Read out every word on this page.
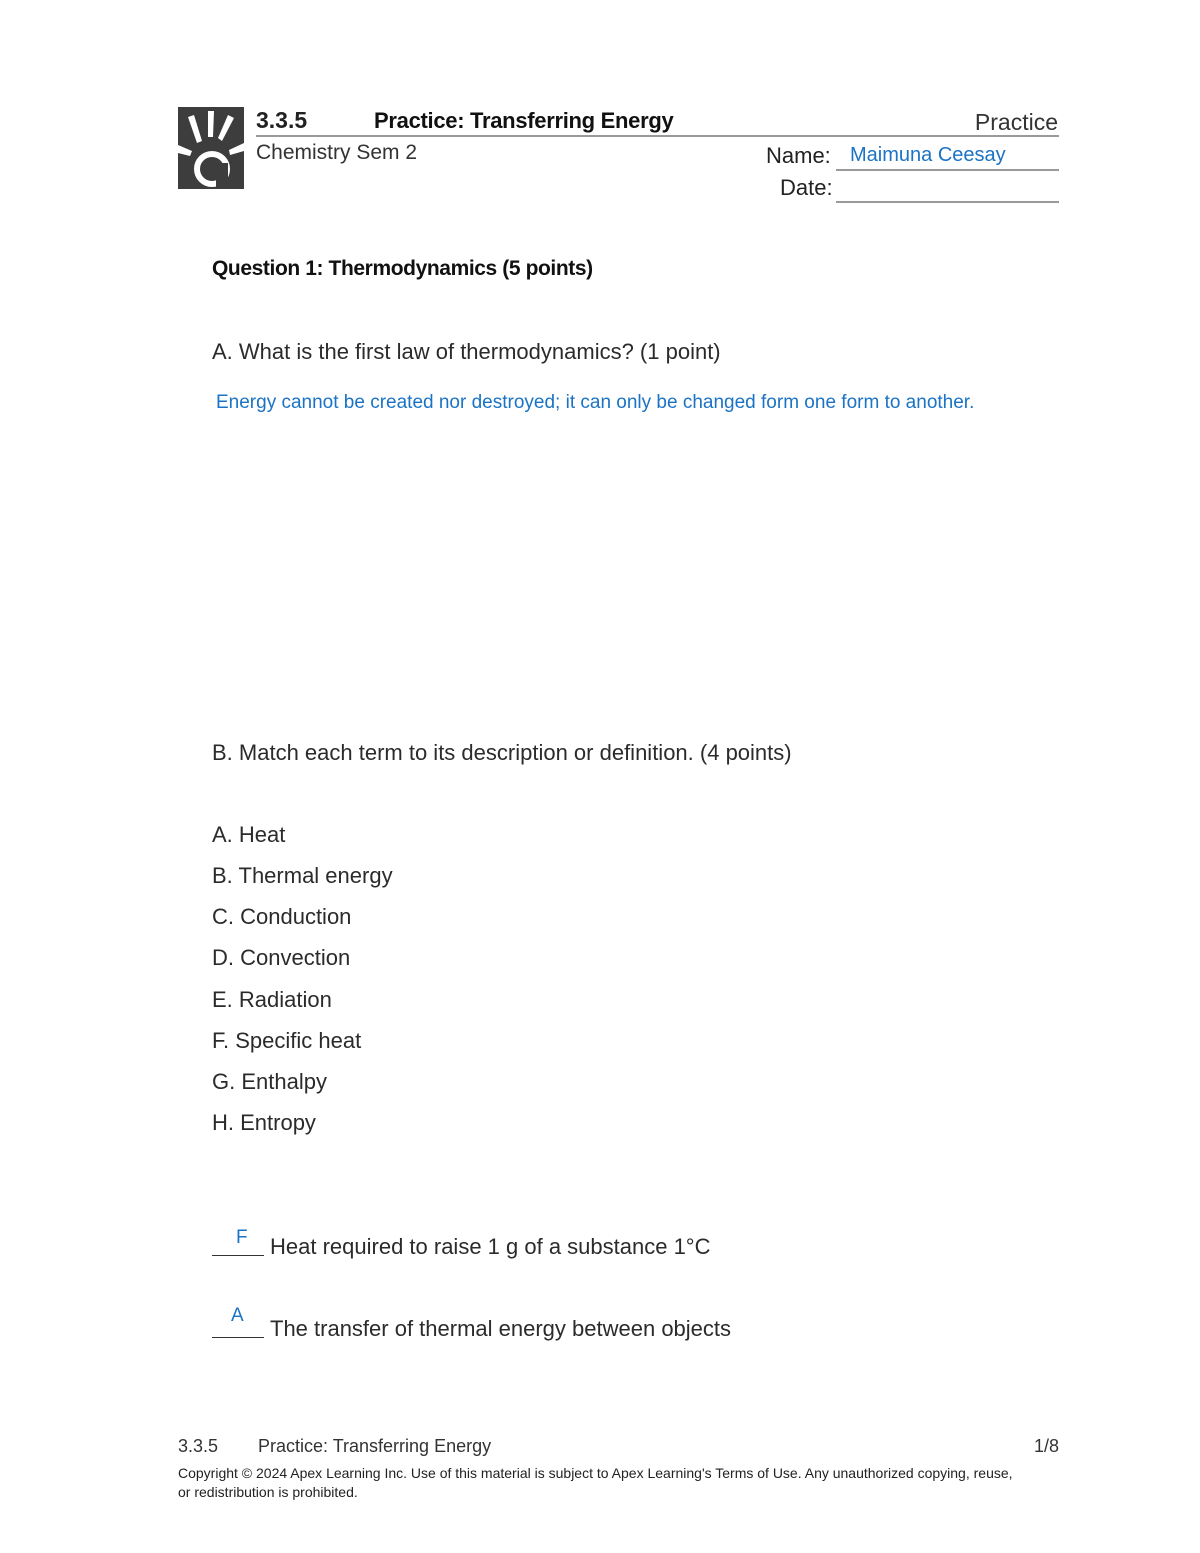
3.3.5	Practice: Transferring Energy	Practice
Chemistry Sem 2	Name: Maimuna Ceesay
Date:
Question 1: Thermodynamics (5 points)
A. What is the first law of thermodynamics? (1 point)
Energy cannot be created nor destroyed; it can only be changed form one form to another.
B. Match each term to its description or definition. (4 points)
A. Heat
B. Thermal energy
C. Conduction
D. Convection
E. Radiation
F. Specific heat
G. Enthalpy
H. Entropy
F Heat required to raise 1 g of a substance 1°C
A
The transfer of thermal energy between objects
3.3.5 Practice: Transferring Energy	1/8
Copyright © 2024 Apex Learning Inc. Use of this material is subject to Apex Learning's Terms of Use. Any unauthorized copying, reuse, or redistribution is prohibited.
